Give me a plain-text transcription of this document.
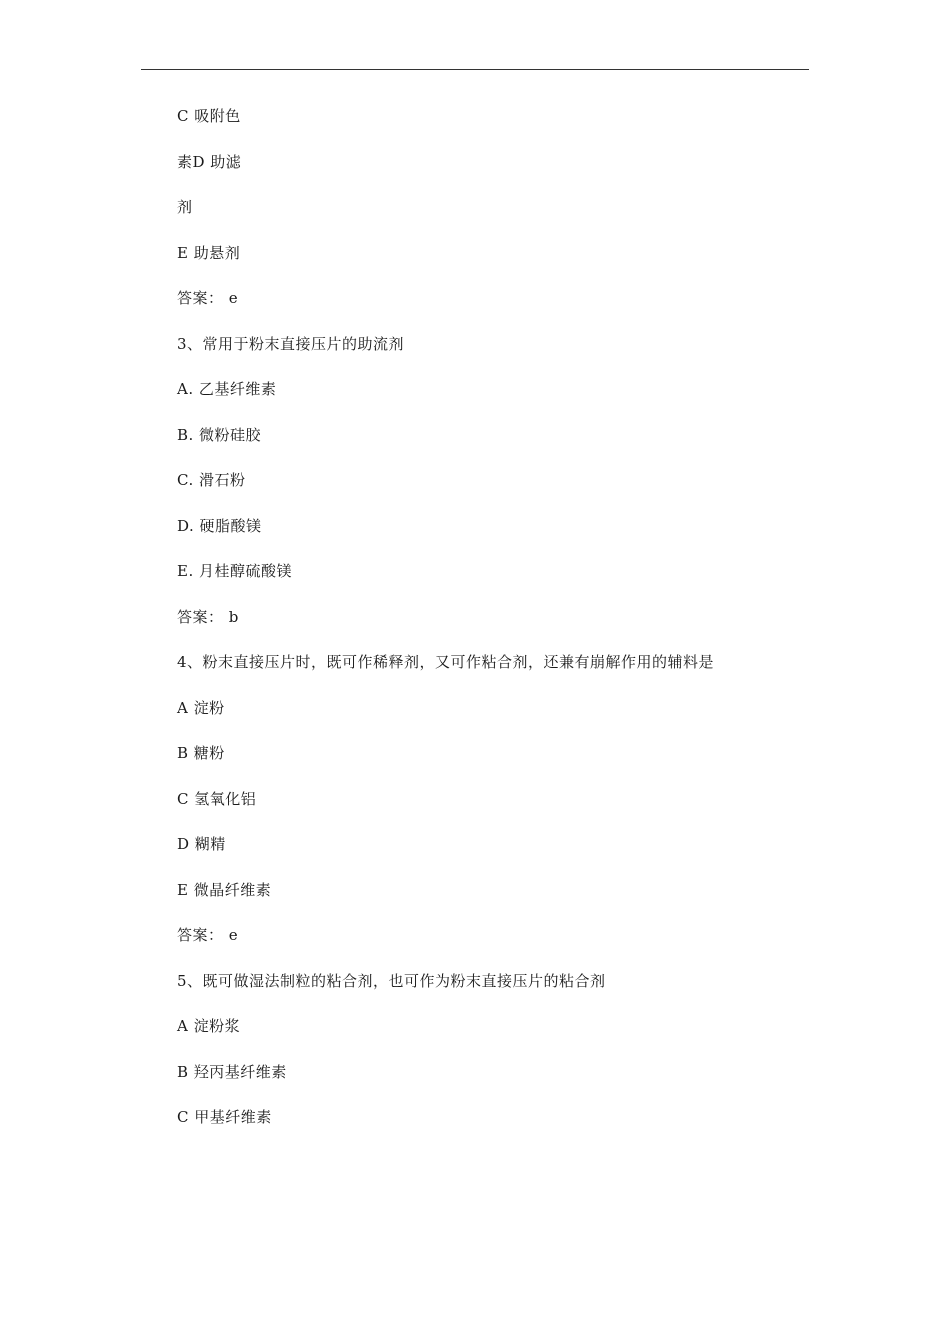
C 吸附色
素D 助滤
剂
E 助悬剂
答案： e
3、常用于粉末直接压片的助流剂
A. 乙基纤维素
B. 微粉硅胶
C. 滑石粉
D. 硬脂酸镁
E. 月桂醇硫酸镁
答案： b
4、粉末直接压片时，既可作稀释剂，又可作粘合剂，还兼有崩解作用的辅料是
A 淀粉
B 糖粉
C 氢氧化铝
D 糊精
E 微晶纤维素
答案： e
5、既可做湿法制粒的粘合剂，也可作为粉末直接压片的粘合剂
A 淀粉浆
B 羟丙基纤维素
C 甲基纤维素
